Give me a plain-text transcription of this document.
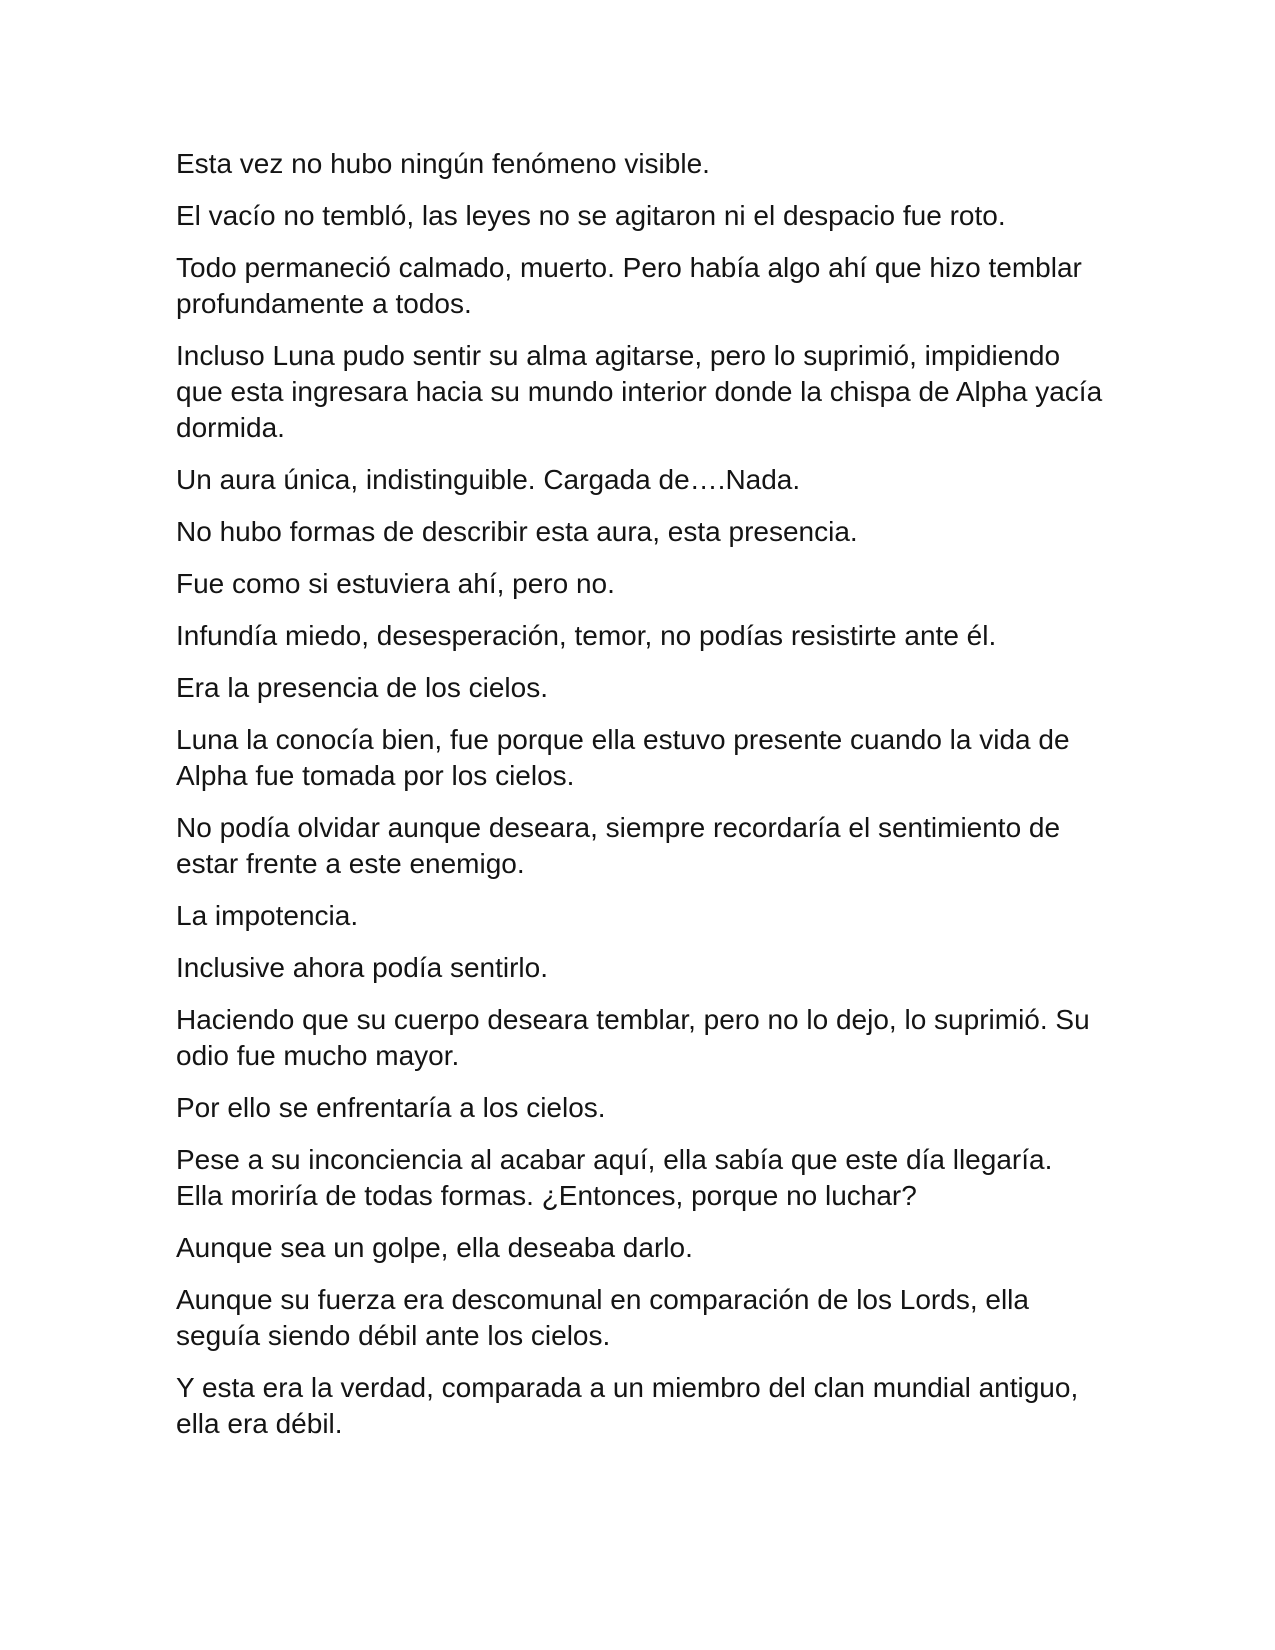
Esta vez no hubo ningún fenómeno visible.

El vacío no tembló, las leyes no se agitaron ni el despacio fue roto.

Todo permaneció calmado, muerto. Pero había algo ahí que hizo temblar profundamente a todos.

Incluso Luna pudo sentir su alma agitarse, pero lo suprimió, impidiendo que esta ingresara hacia su mundo interior donde la chispa de Alpha yacía dormida.

Un aura única, indistinguible. Cargada de….Nada.

No hubo formas de describir esta aura, esta presencia.

Fue como si estuviera ahí, pero no.

Infundía miedo, desesperación, temor, no podías resistirte ante él.

Era la presencia de los cielos.

Luna la conocía bien, fue porque ella estuvo presente cuando la vida de Alpha fue tomada por los cielos.

No podía olvidar aunque deseara, siempre recordaría el sentimiento de estar frente a este enemigo.

La impotencia.

Inclusive ahora podía sentirlo.

Haciendo que su cuerpo deseara temblar, pero no lo dejo, lo suprimió. Su odio fue mucho mayor.

Por ello se enfrentaría a los cielos.

Pese a su inconciencia al acabar aquí, ella sabía que este día llegaría. Ella moriría de todas formas. ¿Entonces, porque no luchar?

Aunque sea un golpe, ella deseaba darlo.

Aunque su fuerza era descomunal en comparación de los Lords, ella seguía siendo débil ante los cielos.

Y esta era la verdad, comparada a un miembro del clan mundial antiguo, ella era débil.
